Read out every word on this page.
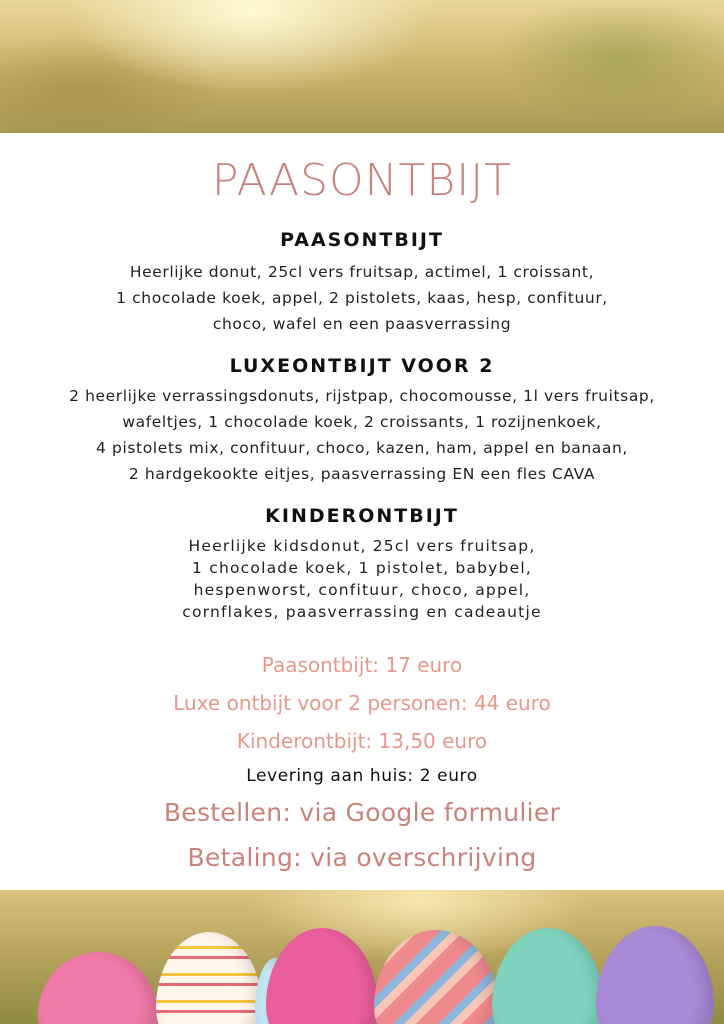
PAASONTBIJT
PAASONTBIJT
Heerlijke donut, 25cl vers fruitsap, actimel, 1 croissant,
1 chocolade koek, appel, 2 pistolets, kaas, hesp, confituur,
choco, wafel en een paasverrassing
LUXEONTBIJT VOOR 2
2 heerlijke verrassingsdonuts, rijstpap, chocomousse, 1l vers fruitsap,
wafeltjes, 1 chocolade koek, 2 croissants, 1 rozijnenkoek,
4 pistolets mix, confituur, choco, kazen, ham, appel en banaan,
2 hardgekookte eitjes, paasverrassing EN een fles CAVA
KINDERONTBIJT
Heerlijke kidsdonut, 25cl vers fruitsap,
1 chocolade koek, 1 pistolet, babybel,
hespenworst, confituur, choco, appel,
cornflakes, paasverrassing en cadeautje
Paasontbijt: 17 euro
Luxe ontbijt voor 2 personen: 44 euro
Kinderontbijt: 13,50 euro
Levering aan huis: 2 euro
Bestellen: via Google formulier
Betaling: via overschrijving
